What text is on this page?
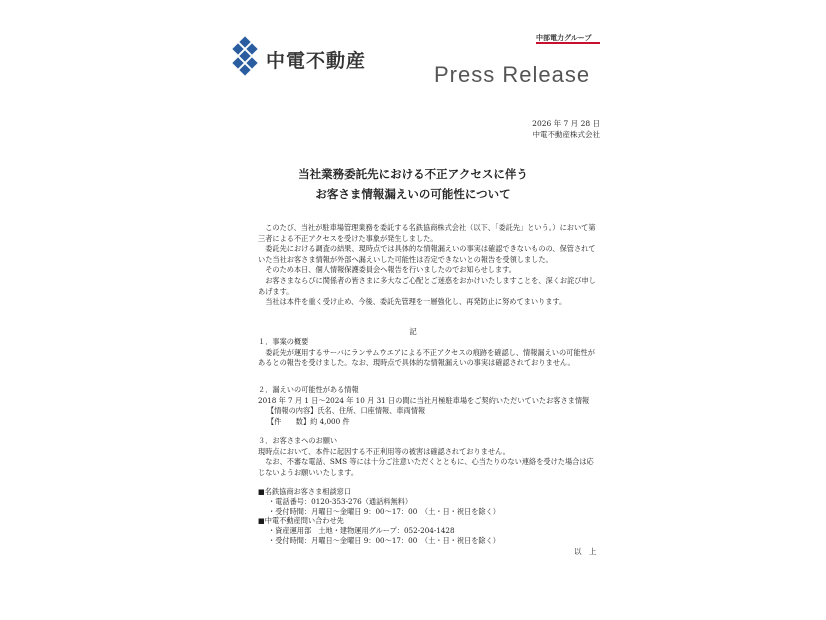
中電不動産
中部電力グループ
Press Release
2026 年 7 月 28 日
中電不動産株式会社
当社業務委託先における不正アクセスに伴う
お客さま情報漏えいの可能性について

このたび、当社が駐車場管理業務を委託する名鉄協商株式会社（以下、「委託先」という。）において第三者による不正アクセスを受けた事象が発生しました。

委託先における調査の結果、現時点では具体的な情報漏えいの事実は確認できないものの、保管されていた当社お客さま情報が外部へ漏えいした可能性は否定できないとの報告を受領しました。

そのため本日、個人情報保護委員会へ報告を行いましたのでお知らせします。

お客さまならびに関係者の皆さまに多大なご心配とご迷惑をおかけいたしますことを、深くお詫び申しあげます。

当社は本件を重く受け止め、今後、委託先管理を一層強化し、再発防止に努めてまいります。

記

１．事案の概要

委託先が運用するサーバにランサムウエアによる不正アクセスの痕跡を確認し、情報漏えいの可能性があるとの報告を受けました。なお、現時点で具体的な情報漏えいの事実は確認されておりません。

２．漏えいの可能性がある情報

2018 年 7 月 1 日～2024 年 10 月 31 日の間に当社月極駐車場をご契約いただいていたお客さま情報

【情報の内容】氏名、住所、口座情報、車両情報

【件　　数】約 4,000 件

３．お客さまへのお願い

現時点において、本件に起因する不正利用等の被害は確認されておりません。

なお、不審な電話、SMS 等には十分ご注意いただくとともに、心当たりのない連絡を受けた場合は応じないようお願いいたします。

■名鉄協商お客さま相談窓口

・電話番号：0120-353-276（通話料無料）

・受付時間：月曜日～金曜日 9：00～17：00　（土・日・祝日を除く）

■中電不動産問い合わせ先

・資産運用部　土地・建物運用グループ：052-204-1428

・受付時間：月曜日～金曜日 9：00～17：00　（土・日・祝日を除く）

以　上
